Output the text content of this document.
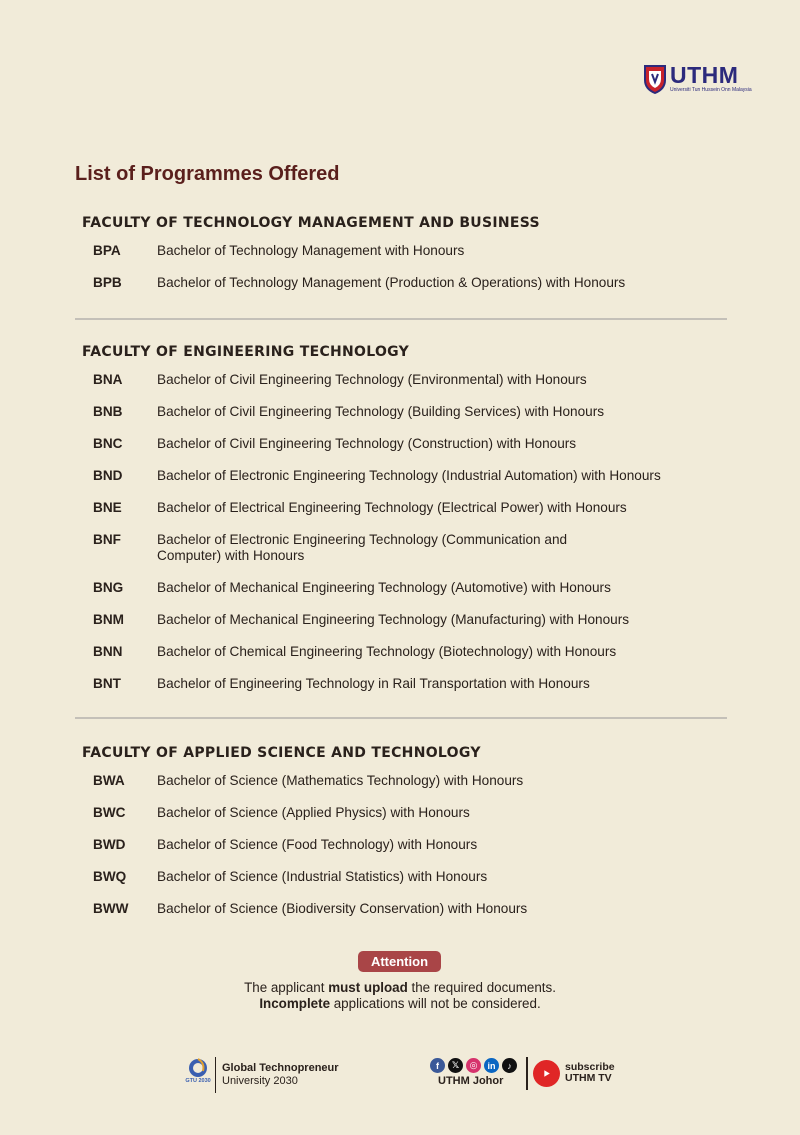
UTHM
Universiti Tun Hussein Onn Malaysia
List of Programmes Offered
FACULTY OF TECHNOLOGY MANAGEMENT AND BUSINESS
BPA	Bachelor of Technology Management with Honours
BPB	Bachelor of Technology Management (Production & Operations) with Honours
FACULTY OF ENGINEERING TECHNOLOGY
BNA	Bachelor of Civil Engineering Technology (Environmental) with Honours
BNB	Bachelor of Civil Engineering Technology (Building Services) with Honours
BNC	Bachelor of Civil Engineering Technology (Construction) with Honours
BND	Bachelor of Electronic Engineering Technology (Industrial Automation) with Honours
BNE	Bachelor of Electrical Engineering Technology (Electrical Power) with Honours
BNF	Bachelor of Electronic Engineering Technology (Communication and
Computer) with Honours
BNG	Bachelor of Mechanical Engineering Technology (Automotive) with Honours
BNM	Bachelor of Mechanical Engineering Technology (Manufacturing) with Honours
BNN	Bachelor of Chemical Engineering Technology (Biotechnology) with Honours
BNT	Bachelor of Engineering Technology in Rail Transportation with Honours
FACULTY OF APPLIED SCIENCE AND TECHNOLOGY
BWA	Bachelor of Science (Mathematics Technology) with Honours
BWC	Bachelor of Science (Applied Physics) with Honours
BWD	Bachelor of Science (Food Technology) with Honours
BWQ	Bachelor of Science (Industrial Statistics) with Honours
BWW	Bachelor of Science (Biodiversity Conservation) with Honours
Attention
The applicant must upload the required documents.
Incomplete applications will not be considered.
GTU 2030
Global Technopreneur
University 2030
f	𝕏	◎	in	♪
UTHM Johor
subscribe
UTHM TV
